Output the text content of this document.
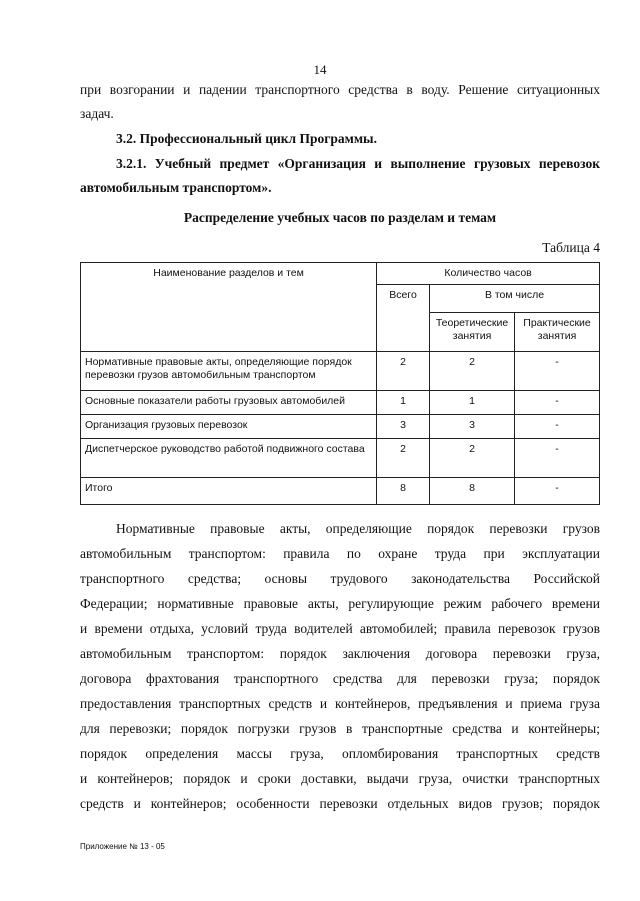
14
при возгорании и падении транспортного средства в воду. Решение ситуационных
задач.
3.2. Профессиональный цикл Программы.
3.2.1. Учебный предмет «Организация и выполнение грузовых перевозок
автомобильным транспортом».
Распределение учебных часов по разделам и темам
Таблица 4
Наименование разделов и тем	Количество часов		
	Всего	В том числе	
		Теоретические занятия	Практические занятия
Нормативные правовые акты, определяющие порядок перевозки грузов автомобильным транспортом	2	2	-
Основные показатели работы грузовых автомобилей	1	1	-
Организация грузовых перевозок	3	3	-
Диспетчерское руководство работой подвижного состава	2	2	-
Итого	8	8	-
Нормативные правовые акты, определяющие порядок перевозки грузов
автомобильным транспортом: правила по охране труда при эксплуатации
транспортного средства; основы трудового законодательства Российской
Федерации; нормативные правовые акты, регулирующие режим рабочего времени
и времени отдыха, условий труда водителей автомобилей; правила перевозок грузов
автомобильным транспортом: порядок заключения договора перевозки груза,
договора фрахтования транспортного средства для перевозки груза; порядок
предоставления транспортных средств и контейнеров, предъявления и приема груза
для перевозки; порядок погрузки грузов в транспортные средства и контейнеры;
порядок определения массы груза, опломбирования транспортных средств
и контейнеров; порядок и сроки доставки, выдачи груза, очистки транспортных
средств и контейнеров; особенности перевозки отдельных видов грузов; порядок
Приложение № 13 - 05
